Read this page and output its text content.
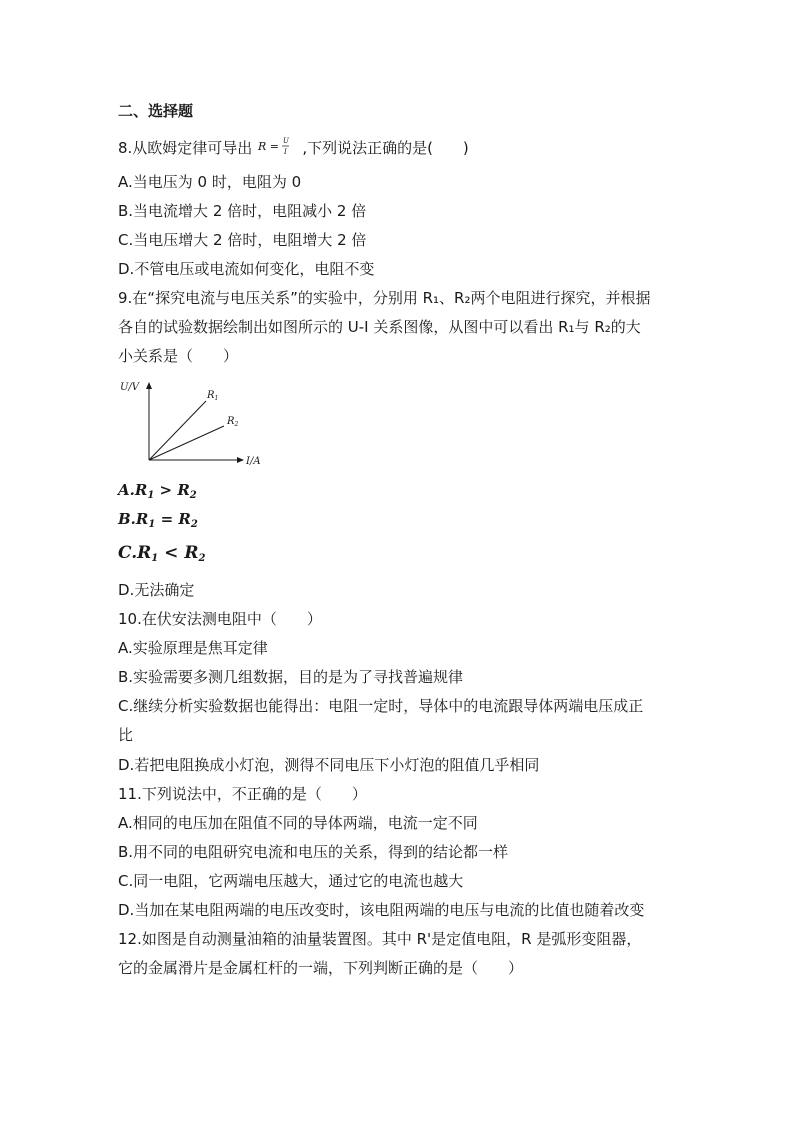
二、选择题
8.从欧姆定律可导出 R = U
I ,下列说法正确的是(　　)
A.当电压为 0 时，电阻为 0
B.当电流增大 2 倍时，电阻减小 2 倍
C.当电压增大 2 倍时，电阻增大 2 倍
D.不管电压或电流如何变化，电阻不变
9.在“探究电流与电压关系”的实验中，分别用 R₁、R₂两个电阻进行探究，并根据
各自的试验数据绘制出如图所示的 U-I 关系图像，从图中可以看出 R₁与 R₂的大
小关系是（　　）
U/V
I/A
$R_1$
$R_2$
$A.R_1 > R_2$
$B.R_1 = R_2$
$C.R_1 < R_2$
D.无法确定
10.在伏安法测电阻中（　　）
A.实验原理是焦耳定律
B.实验需要多测几组数据，目的是为了寻找普遍规律
C.继续分析实验数据也能得出：电阻一定时，导体中的电流跟导体两端电压成正
比
D.若把电阻换成小灯泡，测得不同电压下小灯泡的阻值几乎相同
11.下列说法中，不正确的是（　　）
A.相同的电压加在阻值不同的导体两端，电流一定不同
B.用不同的电阻研究电流和电压的关系，得到的结论都一样
C.同一电阻，它两端电压越大，通过它的电流也越大
D.当加在某电阻两端的电压改变时，该电阻两端的电压与电流的比值也随着改变
12.如图是自动测量油箱的油量装置图。其中 R'是定值电阻，R 是弧形变阻器，
它的金属滑片是金属杠杆的一端，下列判断正确的是（　　）
